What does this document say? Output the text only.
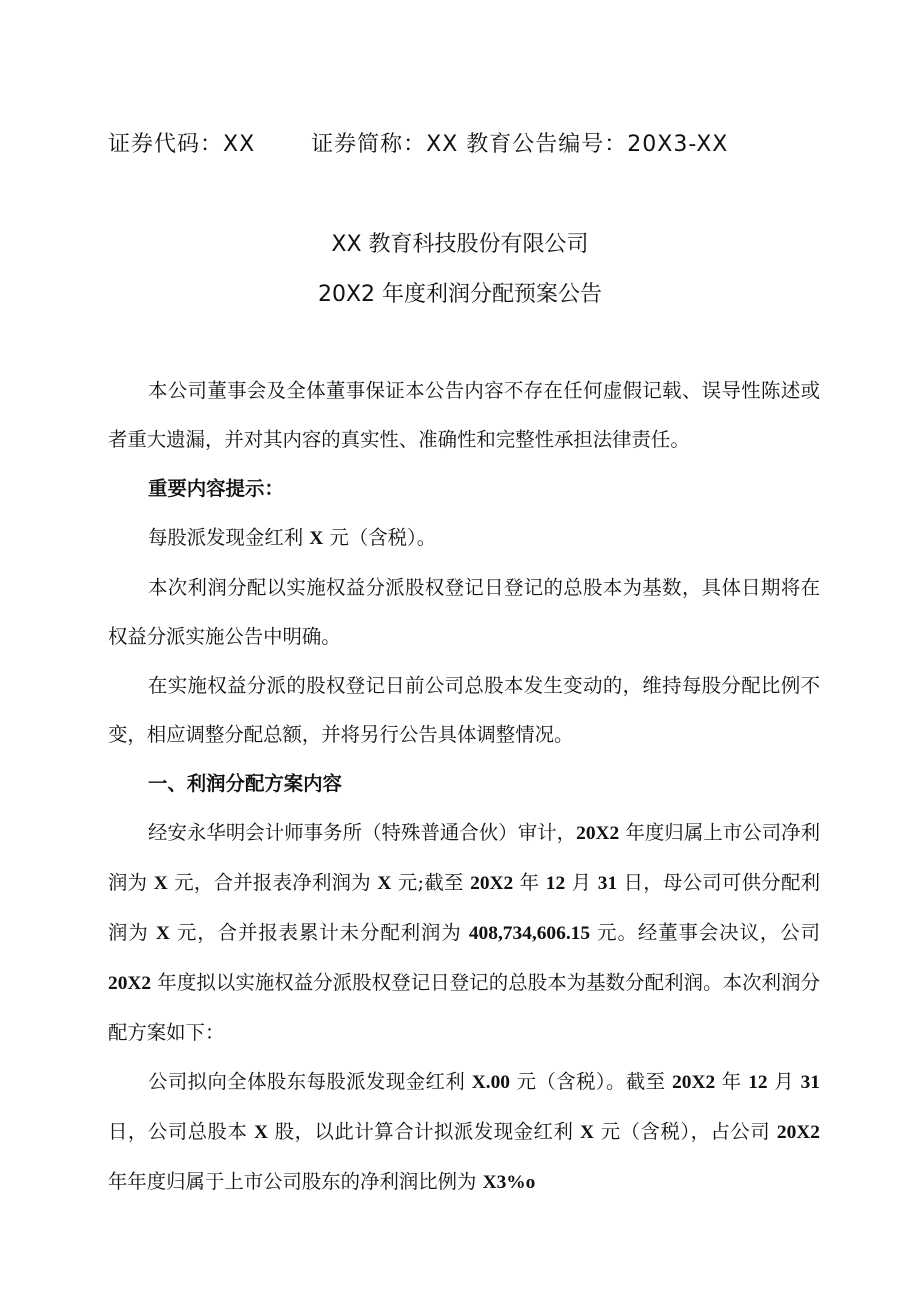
证券代码：XX	证券简称：XX 教育公告编号：20X3-XX
XX 教育科技股份有限公司
20X2 年度利润分配预案公告

本公司董事会及全体董事保证本公告内容不存在任何虚假记载、误导性陈述或者重大遗漏，并对其内容的真实性、准确性和完整性承担法律责任。

重要内容提示：

每股派发现金红利 X 元（含税）。

本次利润分配以实施权益分派股权登记日登记的总股本为基数，具体日期将在权益分派实施公告中明确。

在实施权益分派的股权登记日前公司总股本发生变动的，维持每股分配比例不变，相应调整分配总额，并将另行公告具体调整情况。

一、利润分配方案内容

经安永华明会计师事务所（特殊普通合伙）审计，20X2 年度归属上市公司净利润为 X 元，合并报表净利润为 X 元;截至 20X2 年 12 月 31 日，母公司可供分配利润为 X 元，合并报表累计未分配利润为 408,734,606.15 元。经董事会决议，公司 20X2 年度拟以实施权益分派股权登记日登记的总股本为基数分配利润。本次利润分配方案如下：

公司拟向全体股东每股派发现金红利 X.00 元（含税）。截至 20X2 年 12 月 31 日，公司总股本 X 股，以此计算合计拟派发现金红利 X 元（含税），占公司 20X2 年年度归属于上市公司股东的净利润比例为 X3%o
